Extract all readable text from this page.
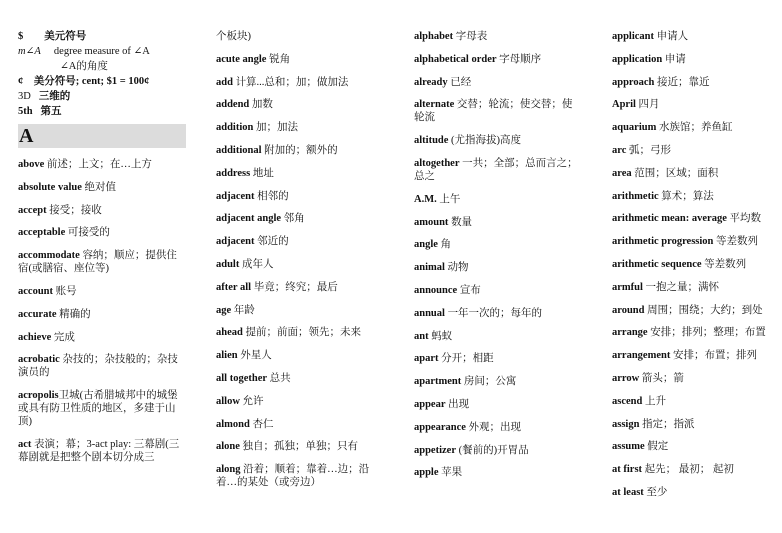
$ 美元符号
m∠A degree measure of ∠A
∠A的角度
¢ 美分符号; cent; $1 = 100¢
3D 三维的
5th 第五
A
above 前述；上文；在…上方
absolute value 绝对值
accept 接受；接收
acceptable 可接受的
accommodate 容纳；顺应；提供住宿(或膳宿、座位等)
account 账号
accurate 精确的
achieve 完成
acrobatic 杂技的；杂技般的；杂技演员的
acropolis卫城(古希腊城邦中的城堡或具有防卫性质的地区，多建于山顶)
act 表演；幕；3-act play: 三幕剧(三幕剧就是把整个剧本切分成三
个板块)
acute angle 锐角
add 计算...总和；加；做加法
addend 加数
addition 加；加法
additional 附加的；额外的
address 地址
adjacent 相邻的
adjacent angle 邻角
adjacent 邻近的
adult 成年人
after all 毕竟；终究；最后
age 年龄
ahead 提前；前面；领先；未来
alien 外星人
all together 总共
allow 允许
almond 杏仁
alone 独自；孤独；单独；只有
along 沿着；顺着；靠着…边；沿着…的某处（或旁边）
alphabet 字母表
alphabetical order 字母顺序
already 已经
alternate 交替；轮流；使交替；使轮流
altitude (尤指海拔)高度
altogether 一共；全部；总而言之；总之
A.M. 上午
amount 数量
angle 角
animal 动物
announce 宣布
annual 一年一次的；每年的
ant 蚂蚁
apart 分开；相距
apartment 房间；公寓
appear 出现
appearance 外观；出现
appetizer (餐前的)开胃品
apple 苹果
applicant 申请人
application 申请
approach 接近；靠近
April 四月
aquarium 水族馆；养鱼缸
arc 弧；弓形
area 范围；区域；面积
arithmetic 算术；算法
arithmetic mean: average 平均数
arithmetic progression 等差数列
arithmetic sequence 等差数列
armful 一抱之量；满怀
around 周围；围绕；大约；到处
arrange 安排；排列；整理；布置
arrangement 安排；布置；排列
arrow 箭头；箭
ascend 上升
assign 指定；指派
assume 假定
at first 起先； 最初； 起初
at least 至少
